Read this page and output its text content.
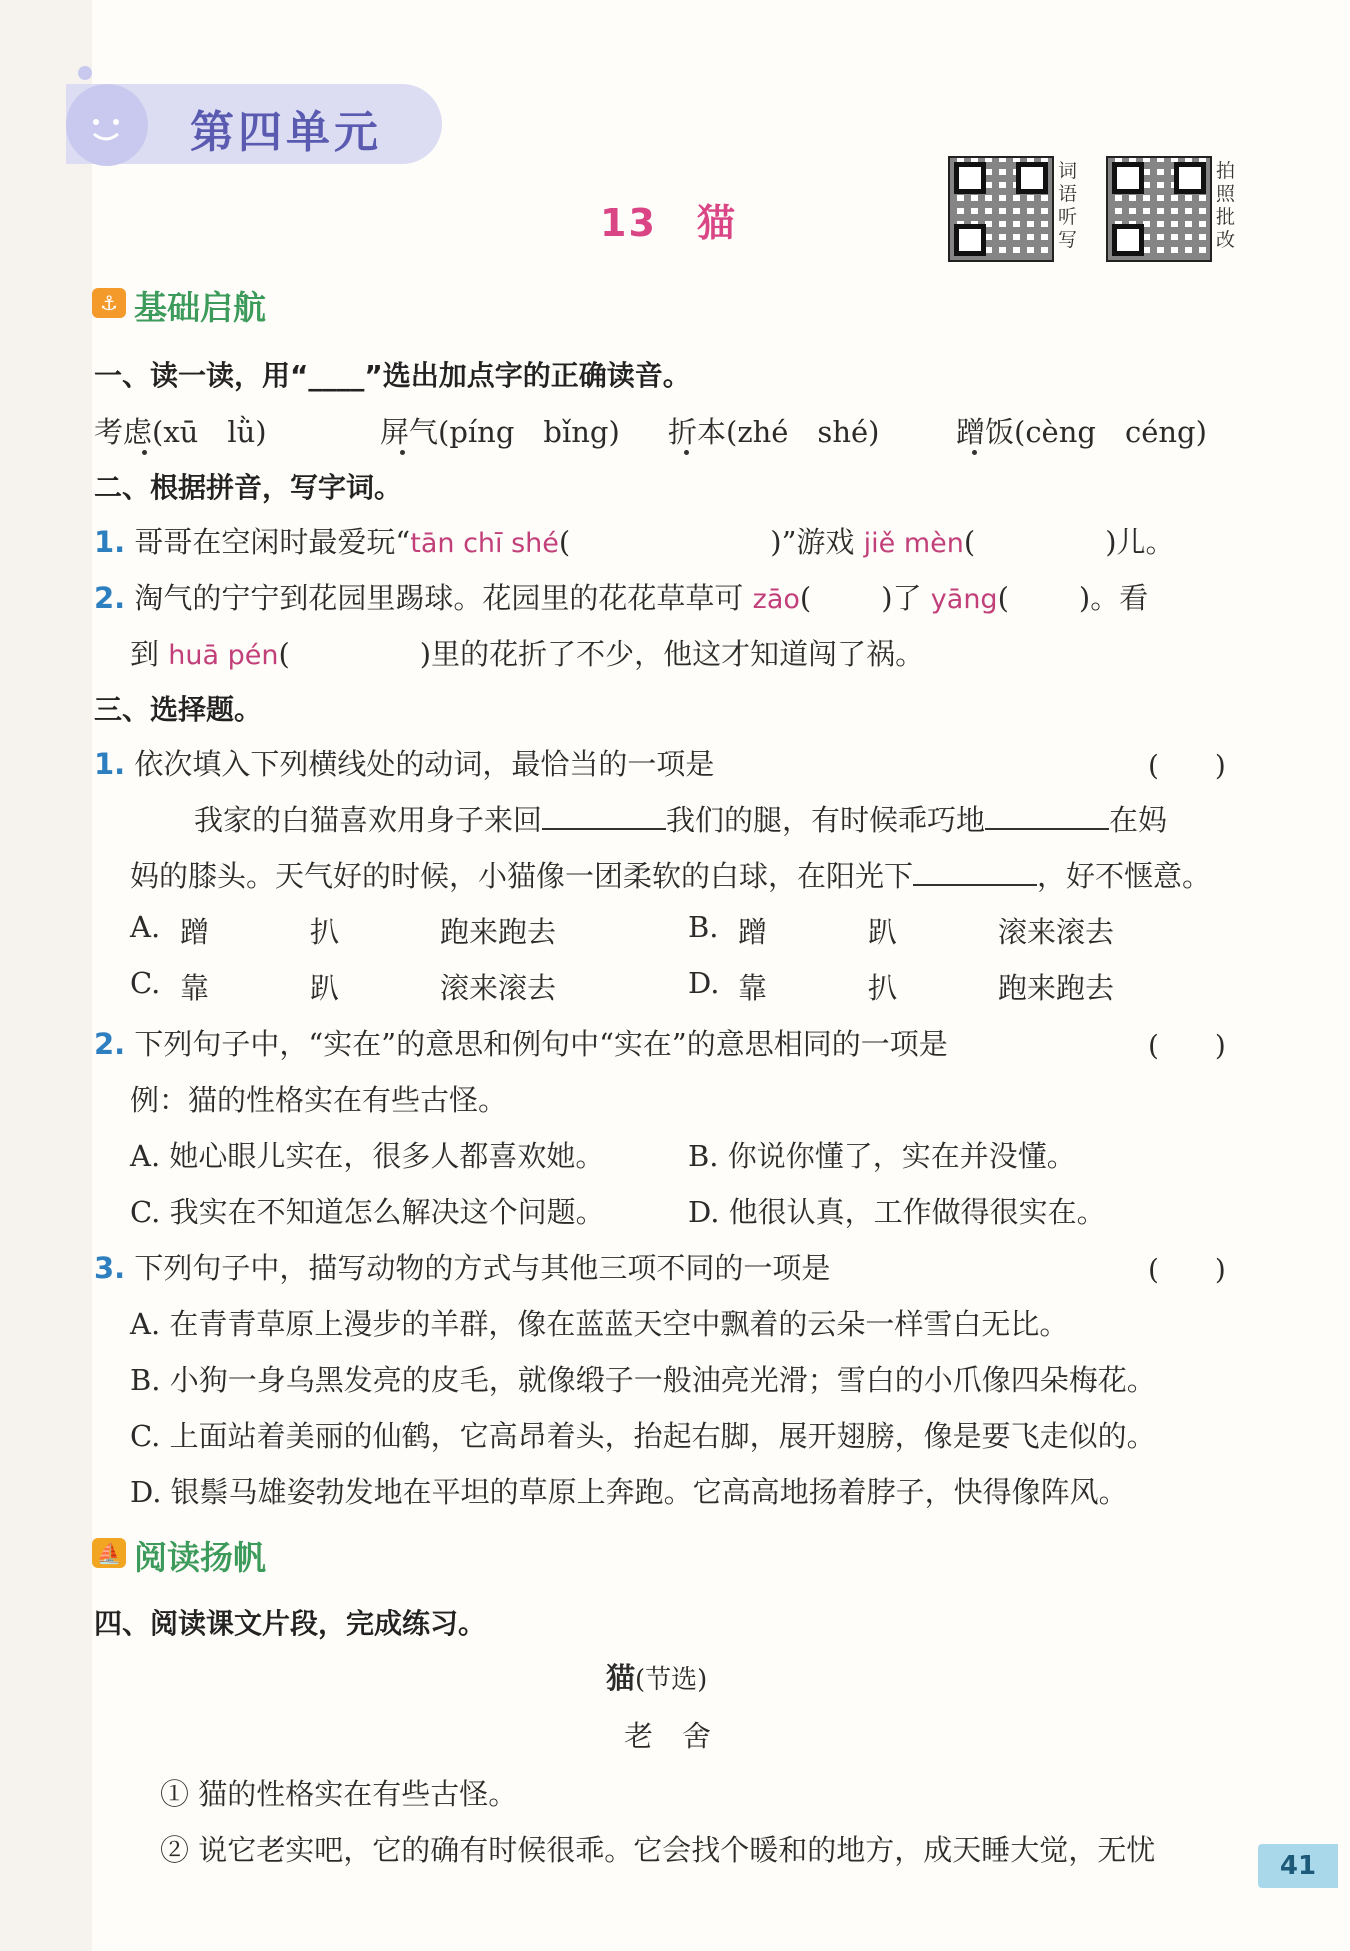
第四单元
13　猫
词语听写
拍照批改
⚓ 基础启航
一、读一读，用“____”选出加点字的正确读音。
考虑(xū　lǜ)	屏气(píng　bǐng) 折本(zhé　shé)	蹭饭(cèng　céng)
二、根据拼音，写字词。
1. 哥哥在空闲时最爱玩“tān chī shé(	)”游戏 jiě mèn(	)儿。
2. 淘气的宁宁到花园里踢球。花园里的花花草草可 zāo( )了 yāng( )。看
到 huā pén(	)里的花折了不少，他这才知道闯了祸。
三、选择题。
1. 依次填入下列横线处的动词，最恰当的一项是	(　　)
我家的白猫喜欢用身子来回	我们的腿，有时候乖巧地	在妈
妈的膝头。天气好的时候，小猫像一团柔软的白球，在阳光下	，好不惬意。
A. 蹭	扒	跑来跑去	B. 蹭	趴	滚来滚去
C. 靠	趴	滚来滚去	D. 靠	扒	跑来跑去
2. 下列句子中，“实在”的意思和例句中“实在”的意思相同的一项是	(　　)
例：猫的性格实在有些古怪。
A. 她心眼儿实在，很多人都喜欢她。	B. 你说你懂了，实在并没懂。
C. 我实在不知道怎么解决这个问题。	D. 他很认真，工作做得很实在。
3. 下列句子中，描写动物的方式与其他三项不同的一项是	(　　)
A. 在青青草原上漫步的羊群，像在蓝蓝天空中飘着的云朵一样雪白无比。
B. 小狗一身乌黑发亮的皮毛，就像缎子一般油亮光滑；雪白的小爪像四朵梅花。
C. 上面站着美丽的仙鹤，它高昂着头，抬起右脚，展开翅膀，像是要飞走似的。
D. 银鬃马雄姿勃发地在平坦的草原上奔跑。它高高地扬着脖子，快得像阵风。
⛵ 阅读扬帆
四、阅读课文片段，完成练习。
猫(节选)
老　舍
① 猫的性格实在有些古怪。
② 说它老实吧，它的确有时候很乖。它会找个暖和的地方，成天睡大觉，无忧	41
